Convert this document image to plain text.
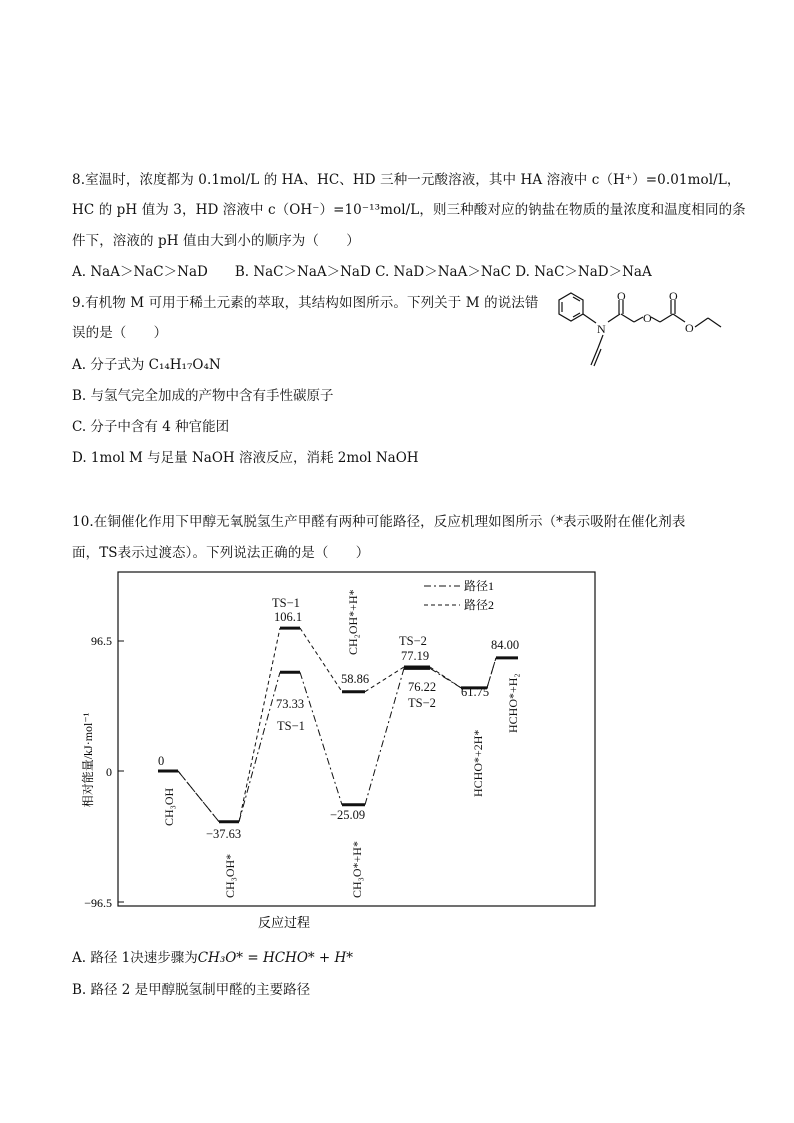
8.室温时，浓度都为 0.1mol/L 的 HA、HC、HD 三种一元酸溶液，其中 HA 溶液中 c（H⁺）=0.01mol/L，
HC 的 pH 值为 3，HD 溶液中 c（OH⁻）=10⁻¹³mol/L，则三种酸对应的钠盐在物质的量浓度和温度相同的条
件下，溶液的 pH 值由大到小的顺序为（　　）
A. NaA＞NaC＞NaD　　B. NaC＞NaA＞NaD C. NaD＞NaA＞NaC D. NaC＞NaD＞NaA
9.有机物 M 可用于稀土元素的萃取，其结构如图所示。下列关于 M 的说法错
误的是（　　）
A. 分子式为 C₁₄H₁₇O₄N
B. 与氢气完全加成的产物中含有手性碳原子
C. 分子中含有 4 种官能团
D. 1mol M 与足量 NaOH 溶液反应，消耗 2mol NaOH
N
O
O
O
O
10.在铜催化作用下甲醇无氧脱氢生产甲醛有两种可能路径，反应机理如图所示（*表示吸附在催化剂表
面，TS表示过渡态）。下列说法正确的是（　　）
96.5
0
−96.5
相对能量/kJ·mol⁻¹
反应过程
路径1
路径2
0
−37.63
106.1
73.33
58.86
−25.09
77.19
76.22 61.75
84.00
TS−1
TS−1
TS−2
TS−2
CH₃OH
CH₃OH*
CH₂OH*+H*
CH₃O*+H*
HCHO*+2H*
HCHO*+H₂
A. 路径 1决速步骤为CH₃O* = HCHO* + H*
B. 路径 2 是甲醇脱氢制甲醛的主要路径
